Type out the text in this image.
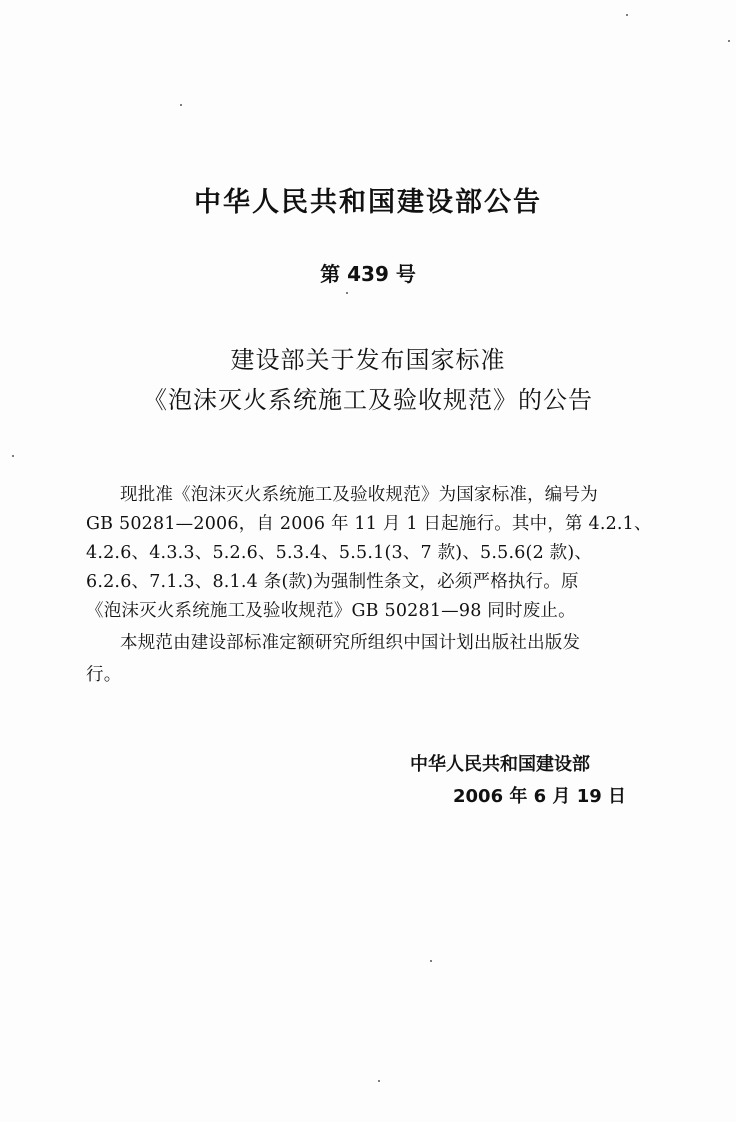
中华人民共和国建设部公告
第 439 号
建设部关于发布国家标准
《泡沫灭火系统施工及验收规范》的公告
现批准《泡沫灭火系统施工及验收规范》为国家标准，编号为
GB 50281—2006，自 2006 年 11 月 1 日起施行。其中，第 4.2.1、
4.2.6、4.3.3、5.2.6、5.3.4、5.5.1(3、7 款)、5.5.6(2 款)、
6.2.6、7.1.3、8.1.4 条(款)为强制性条文，必须严格执行。原
《泡沫灭火系统施工及验收规范》GB 50281—98 同时废止。
本规范由建设部标准定额研究所组织中国计划出版社出版发
行。
中华人民共和国建设部
2006 年 6 月 19 日
